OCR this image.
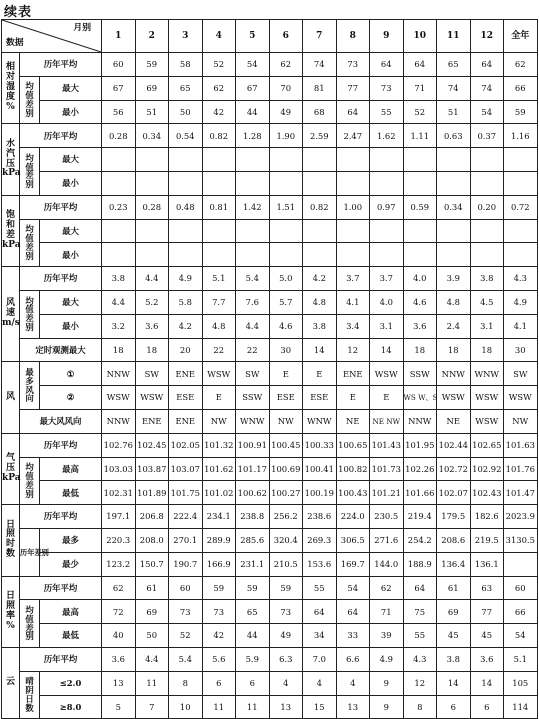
续表
月别
数据			1	2	3	4	5	6	7	8	9	10	11	12	全年

相
对
湿
度
%	历年平均		60	59	58	52	54	62	74	73	64	64	65	64	62

	均
值
差
别	最大	67	69	65	62	67	70	81	77	73	71	74	74	66
		最小	56	51	50	42	44	49	68	64	55	52	51	54	59

水
汽
压
kPa	历年平均		0.28	0.34	0.54	0.82	1.28	1.90	2.59	2.47	1.62	1.11	0.63	0.37	1.16

	均
值
差
别	最大													
		最小													

饱
和
差
kPa	历年平均		0.23	0.28	0.48	0.81	1.42	1.51	0.82	1.00	0.97	0.59	0.34	0.20	0.72

	均
值
差
别	最大													
		最小													

风
速
m/s	历年平均		3.8	4.4	4.9	5.1	5.4	5.0	4.2	3.7	3.7	4.0	3.9	3.8	4.3

	均
值
差
别	最大	4.4	5.2	5.8	7.7	7.6	5.7	4.8	4.1	4.0	4.6	4.8	4.5	4.9
		最小	3.2	3.6	4.2	4.8	4.4	4.6	3.8	3.4	3.1	3.6	2.4	3.1	4.1
	定时观测最大		18	18	20	22	22	30	14	12	14	18	18	18	30
风	最
多
风
向	①	NNW	SW	ENE	WSW	SW	E	E	ENE	WSW	SSW	NNW	WNW	SW
		②	WSW	WSW	ESE	E	SSW	ESE	ESE	E	E	WS W、S	WSW	WSW	WSW
	最大风风向		NNW	ENE	ENE	NW	WNW	NW	WNW	NE	NE NW	NNW	NE	WSW	NW

气
压
kPa	历年平均		102.76	102.45	102.05	101.32	100.91	100.45	100.33	100.65	101.43	101.95	102.44	102.65	101.63

	均
值
差
别	最高	103.03	103.87	103.07	101.62	101.17	100.69	100.41	100.82	101.73	102.26	102.72	102.92	101.76
		最低	102.31	101.89	101.75	101.02	100.62	100.27	100.19	100.43	101.21	101.66	102.07	102.43	101.47

日
照
时
数	历年平均		197.1	206.8	222.4	234.1	238.8	256.2	238.6	224.0	230.5	219.4	179.5	182.6	2023.9
	历年差别	最多	220.3	208.0	270.1	289.9	285.6	320.4	269.3	306.5	271.6	254.2	208.6	219.5	3130.5
		最少	123.2	150.7	190.7	166.9	231.1	210.5	153.6	169.7	144.0	188.9	136.4	136.1	

日
照
率
%	历年平均		62	61	60	59	59	59	55	54	62	64	61	63	60

	均
值
差
别	最高	72	69	73	73	65	73	64	64	71	75	69	77	66
		最低	40	50	52	42	44	49	34	33	39	55	45	45	54
云	历年平均		3.6	4.4	5.4	5.6	5.9	6.3	7.0	6.6	4.9	4.3	3.8	3.6	5.1

	晴
阴
日
数	≤2.0	13	11	8	6	6	4	4	4	9	12	14	14	105
		≥8.0	5	7	10	11	11	13	15	13	9	8	6	6	114
